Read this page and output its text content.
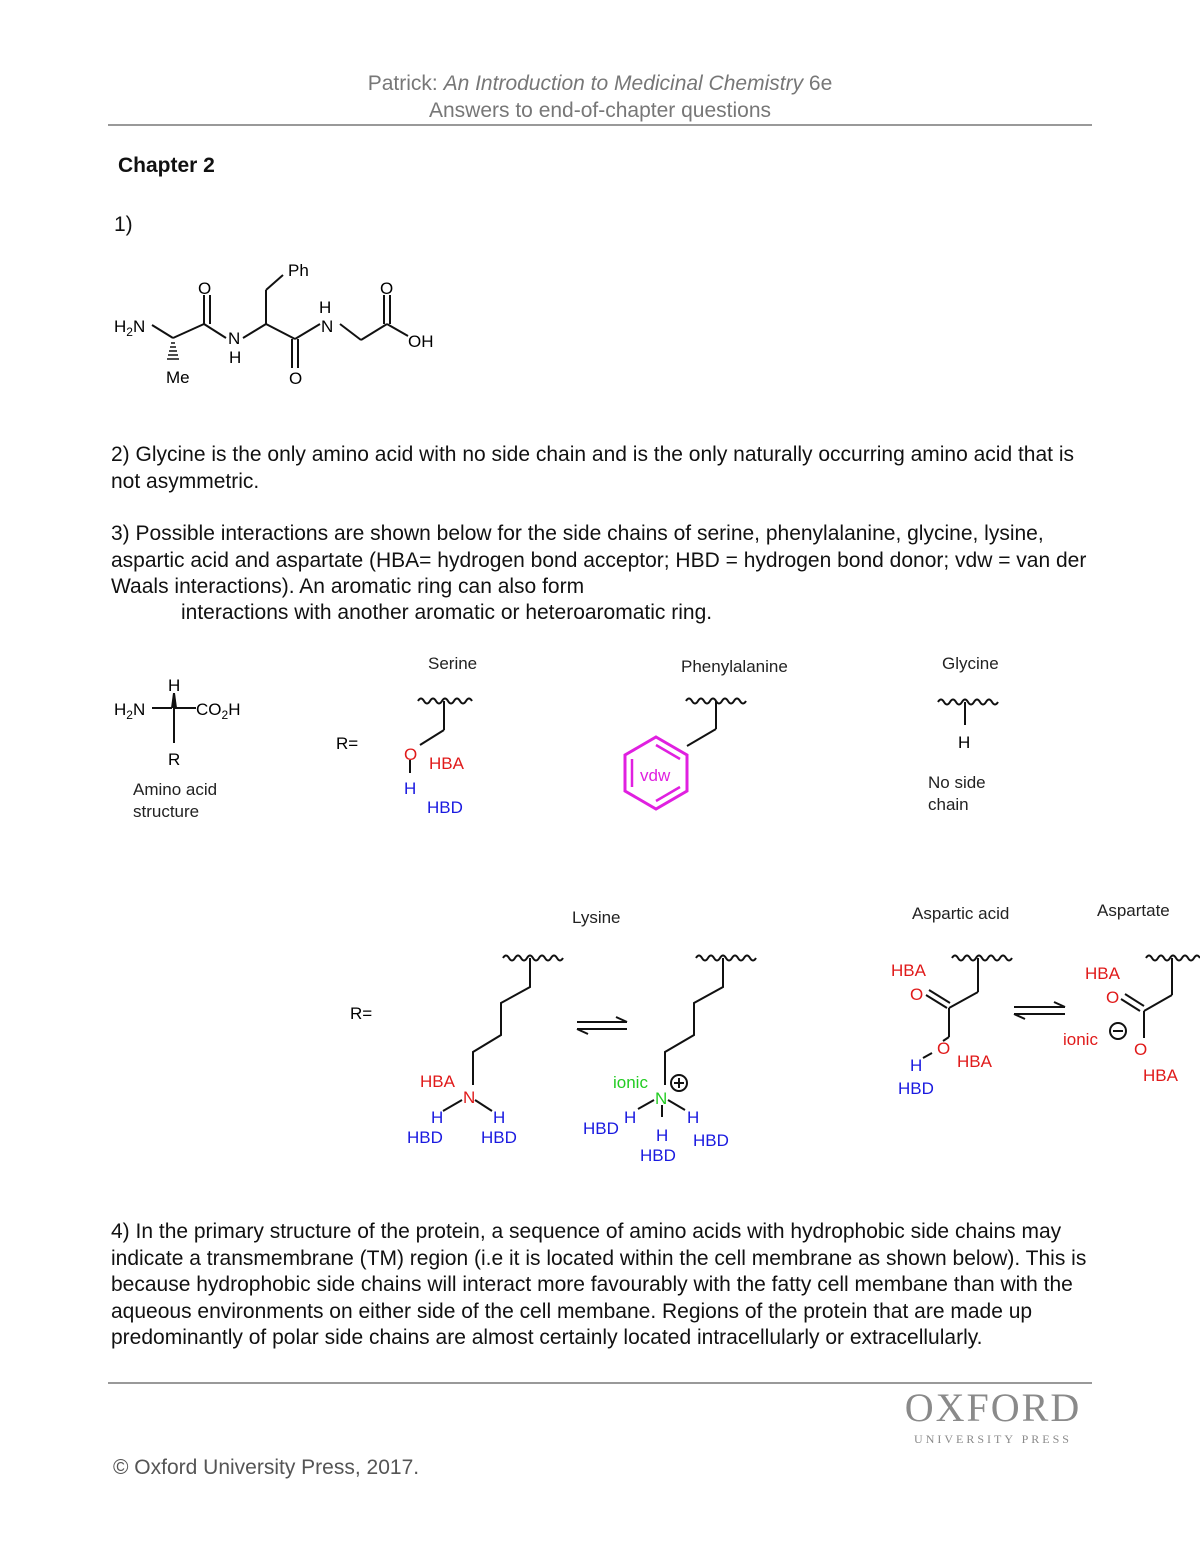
Patrick: An Introduction to Medicinal Chemistry 6e
Answers to end-of-chapter questions
Chapter 2
1)
$H_2N$
O
N
H
Ph
H
N
O
OH
Me	O
2) Glycine is the only amino acid with no side chain and is the only naturally occurring amino acid that is not asymmetric.
3) Possible interactions are shown below for the side chains of serine, phenylalanine, glycine, lysine, aspartic acid and aspartate (HBA= hydrogen bond acceptor; HBD = hydrogen bond donor; vdw = van der Waals interactions). An aromatic ring can also form
interactions with another aromatic or heteroaromatic ring.
H
$H_2N$	$CO_2H$
R
Amino acid
structure
R=
Serine
O
H
HBA
HBD
Phenylalanine
vdw
Glycine
H
No side
chain
R=
Lysine
HBA
N
H	H
HBD HBD
ionic
N
H	H
H
HBD
HBD
HBD
Aspartic acid
HBA
O
O
HBA
H
HBD
Aspartate
HBA
O
ionic
O
HBA
4) In the primary structure of the protein, a sequence of amino acids with hydrophobic side chains may indicate a transmembrane (TM) region (i.e it is located within the cell membrane as shown below). This is because hydrophobic side chains will interact more favourably with the fatty cell membane than with the aqueous environments on either side of the cell membane. Regions of the protein that are made up predominantly of polar side chains are almost certainly located intracellularly or extracellularly.
OXFORD
UNIVERSITY PRESS
© Oxford University Press, 2017.
